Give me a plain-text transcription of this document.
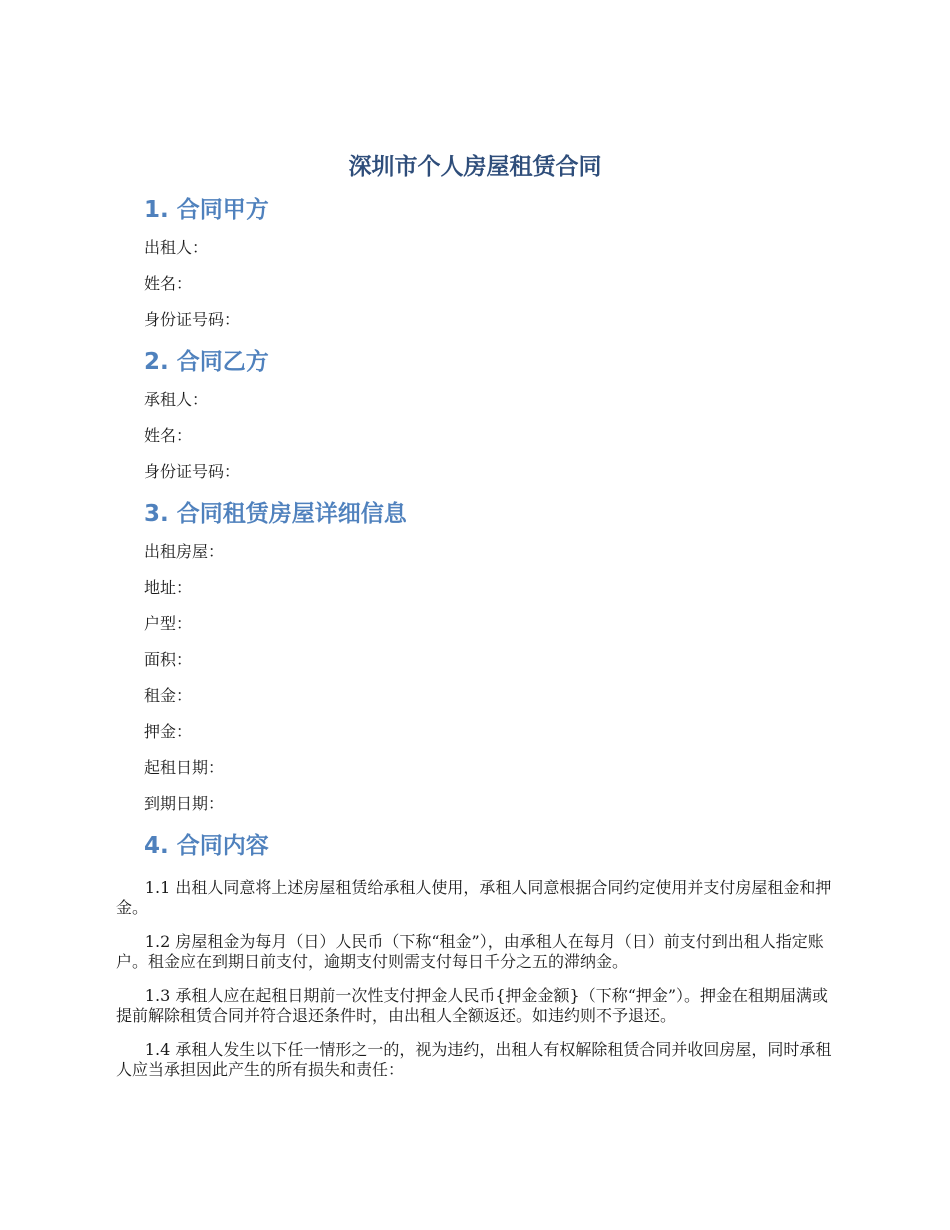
深圳市个人房屋租赁合同
1. 合同甲方

出租人：

姓名：

身份证号码：

2. 合同乙方

承租人：

姓名：

身份证号码：

3. 合同租赁房屋详细信息

出租房屋：

地址：

户型：

面积：

租金：

押金：

起租日期：

到期日期：

4. 合同内容

1.1 出租人同意将上述房屋租赁给承租人使用，承租人同意根据合同约定使用并支付房屋租金和押金。

1.2 房屋租金为每月（日）人民币（下称“租金”），由承租人在每月（日）前支付到出租人指定账户。租金应在到期日前支付，逾期支付则需支付每日千分之五的滞纳金。

1.3 承租人应在起租日期前一次性支付押金人民币{押金金额}（下称“押金”）。押金在租期届满或提前解除租赁合同并符合退还条件时，由出租人全额返还。如违约则不予退还。

1.4 承租人发生以下任一情形之一的，视为违约，出租人有权解除租赁合同并收回房屋，同时承租人应当承担因此产生的所有损失和责任：
